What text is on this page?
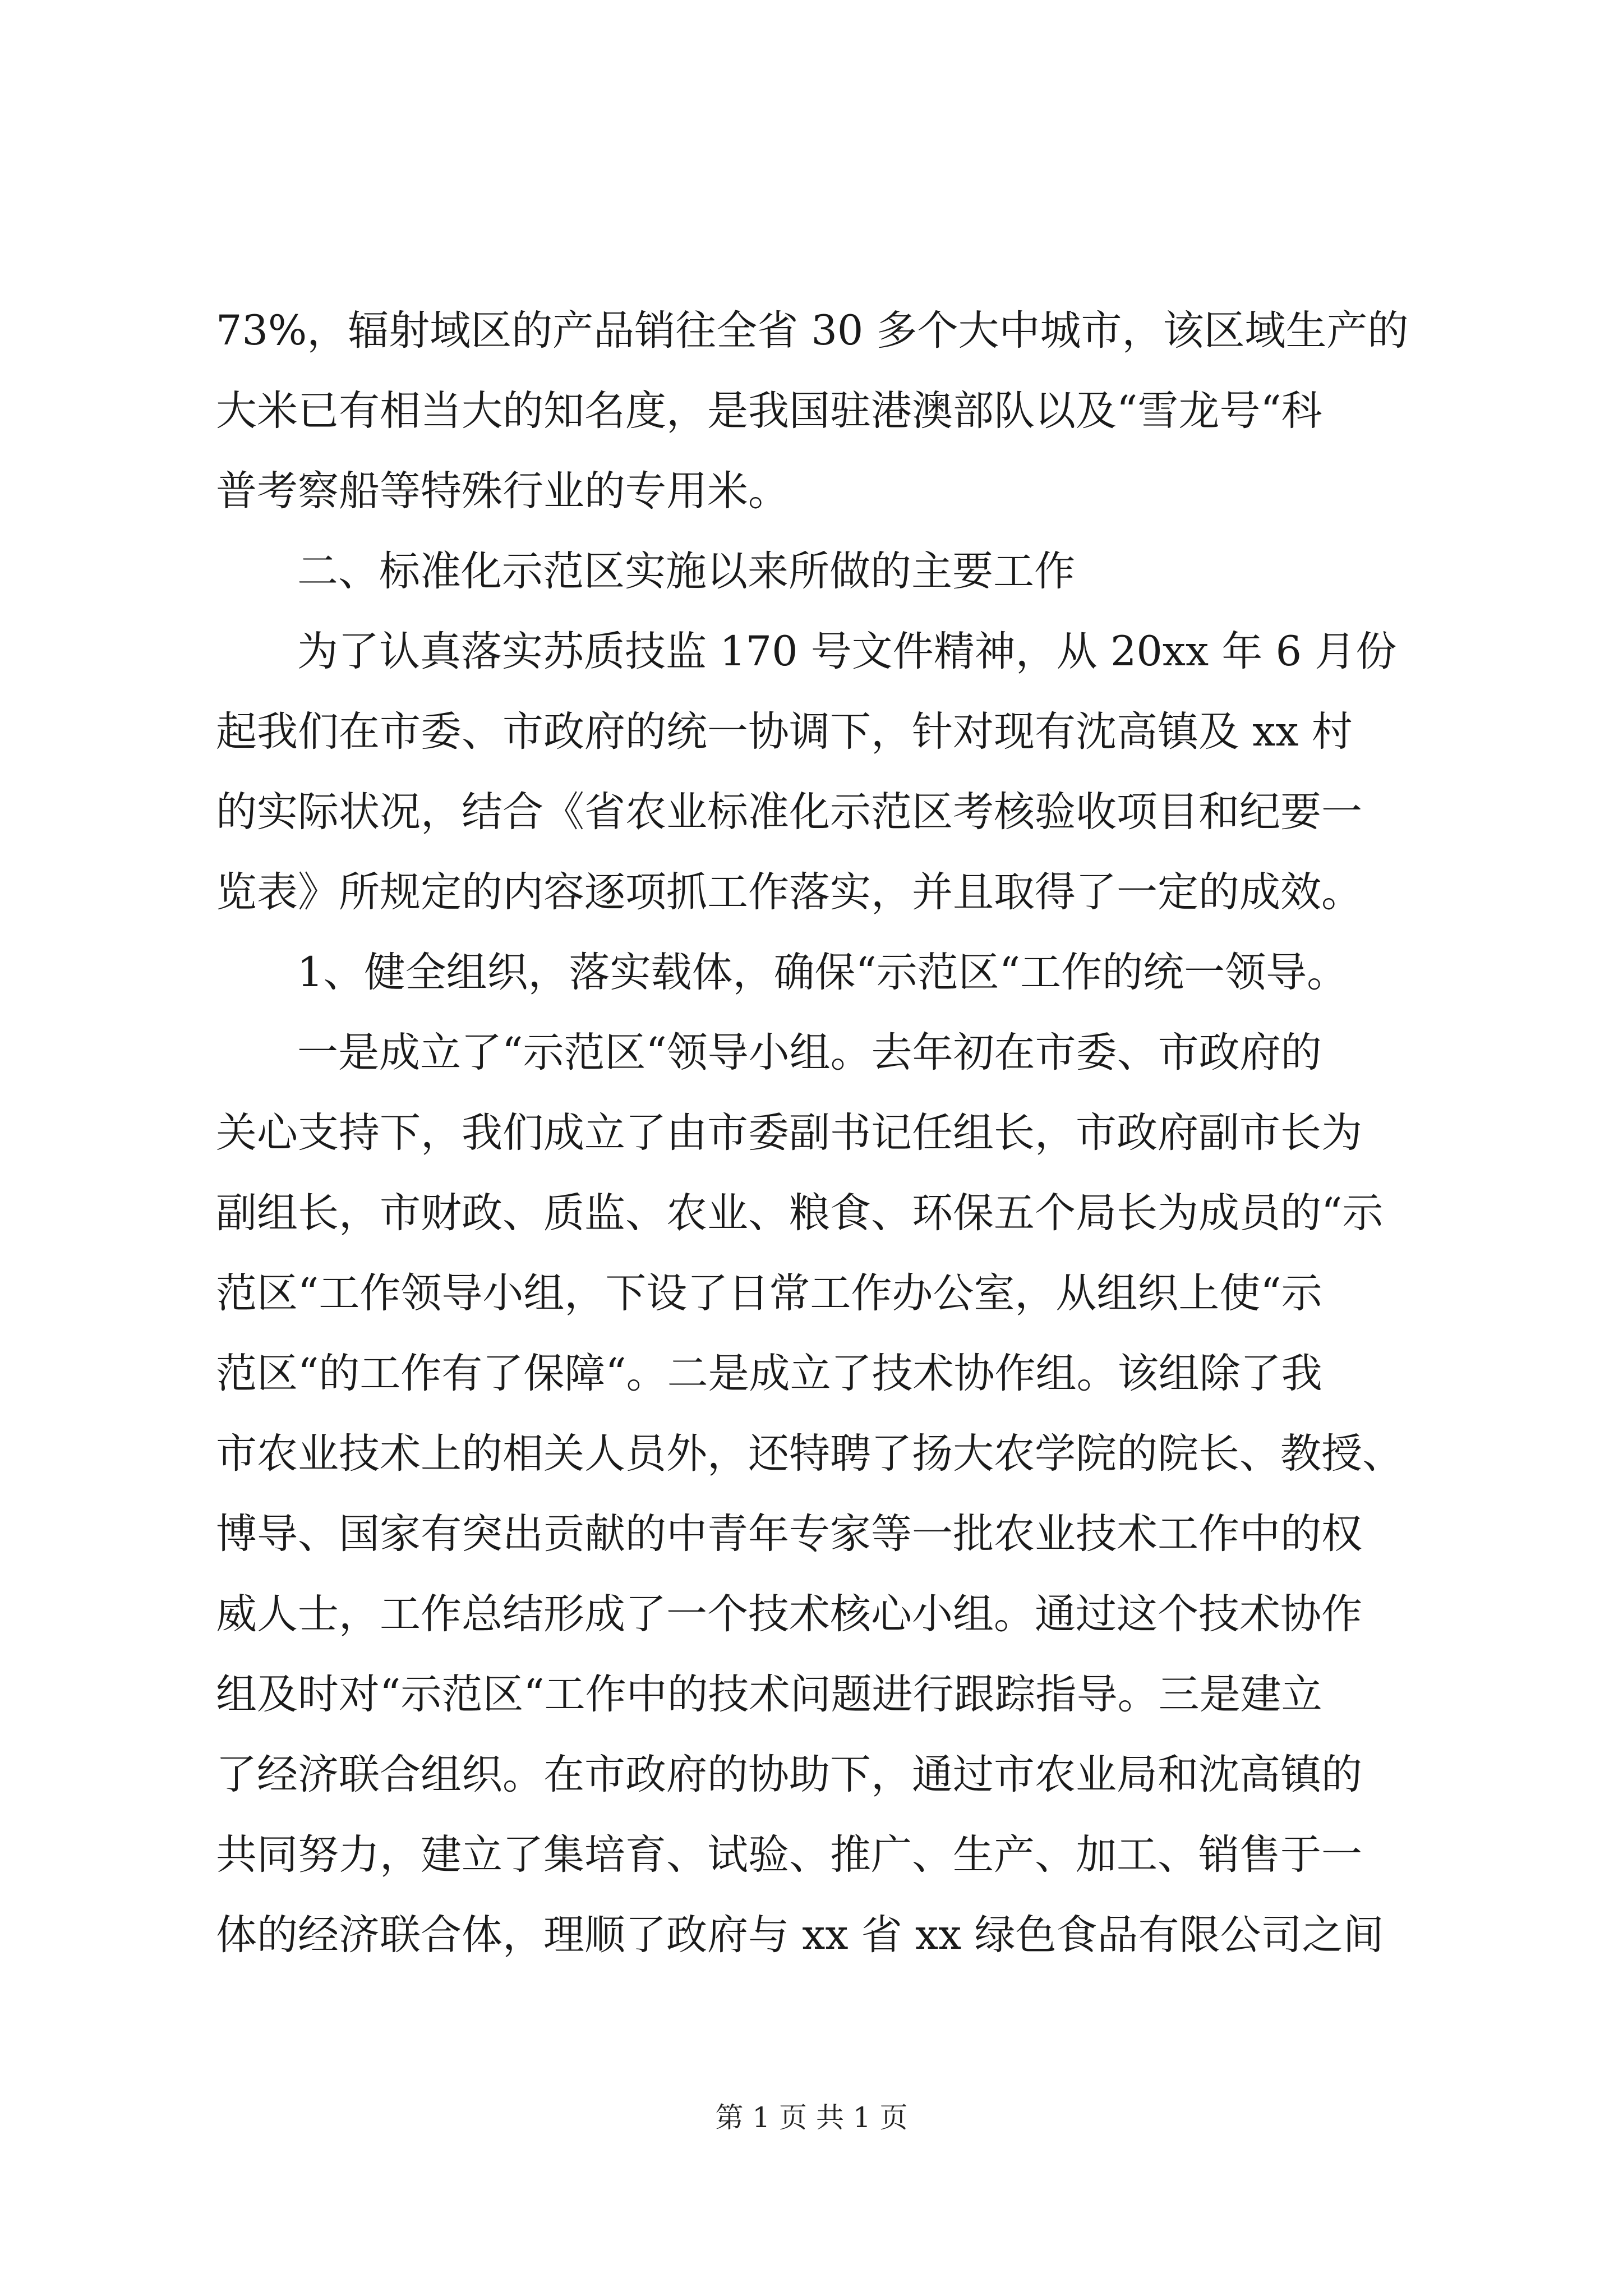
73%，辐射域区的产品销往全省 30 多个大中城市，该区域生产的
大米已有相当大的知名度，是我国驻港澳部队以及“雪龙号“科
普考察船等特殊行业的专用米。
二、标准化示范区实施以来所做的主要工作
为了认真落实苏质技监 170 号文件精神，从 20xx 年 6 月份
起我们在市委、市政府的统一协调下，针对现有沈高镇及 xx 村
的实际状况，结合《省农业标准化示范区考核验收项目和纪要一
览表》所规定的内容逐项抓工作落实，并且取得了一定的成效。
1、健全组织，落实载体，确保“示范区“工作的统一领导。
一是成立了“示范区“领导小组。去年初在市委、市政府的
关心支持下，我们成立了由市委副书记任组长，市政府副市长为
副组长，市财政、质监、农业、粮食、环保五个局长为成员的“示
范区“工作领导小组，下设了日常工作办公室，从组织上使“示
范区“的工作有了保障“。二是成立了技术协作组。该组除了我
市农业技术上的相关人员外，还特聘了扬大农学院的院长、教授、
博导、国家有突出贡献的中青年专家等一批农业技术工作中的权
威人士，工作总结形成了一个技术核心小组。通过这个技术协作
组及时对“示范区“工作中的技术问题进行跟踪指导。三是建立
了经济联合组织。在市政府的协助下，通过市农业局和沈高镇的
共同努力，建立了集培育、试验、推广、生产、加工、销售于一
体的经济联合体，理顺了政府与 xx 省 xx 绿色食品有限公司之间
第 1 页 共 1 页
